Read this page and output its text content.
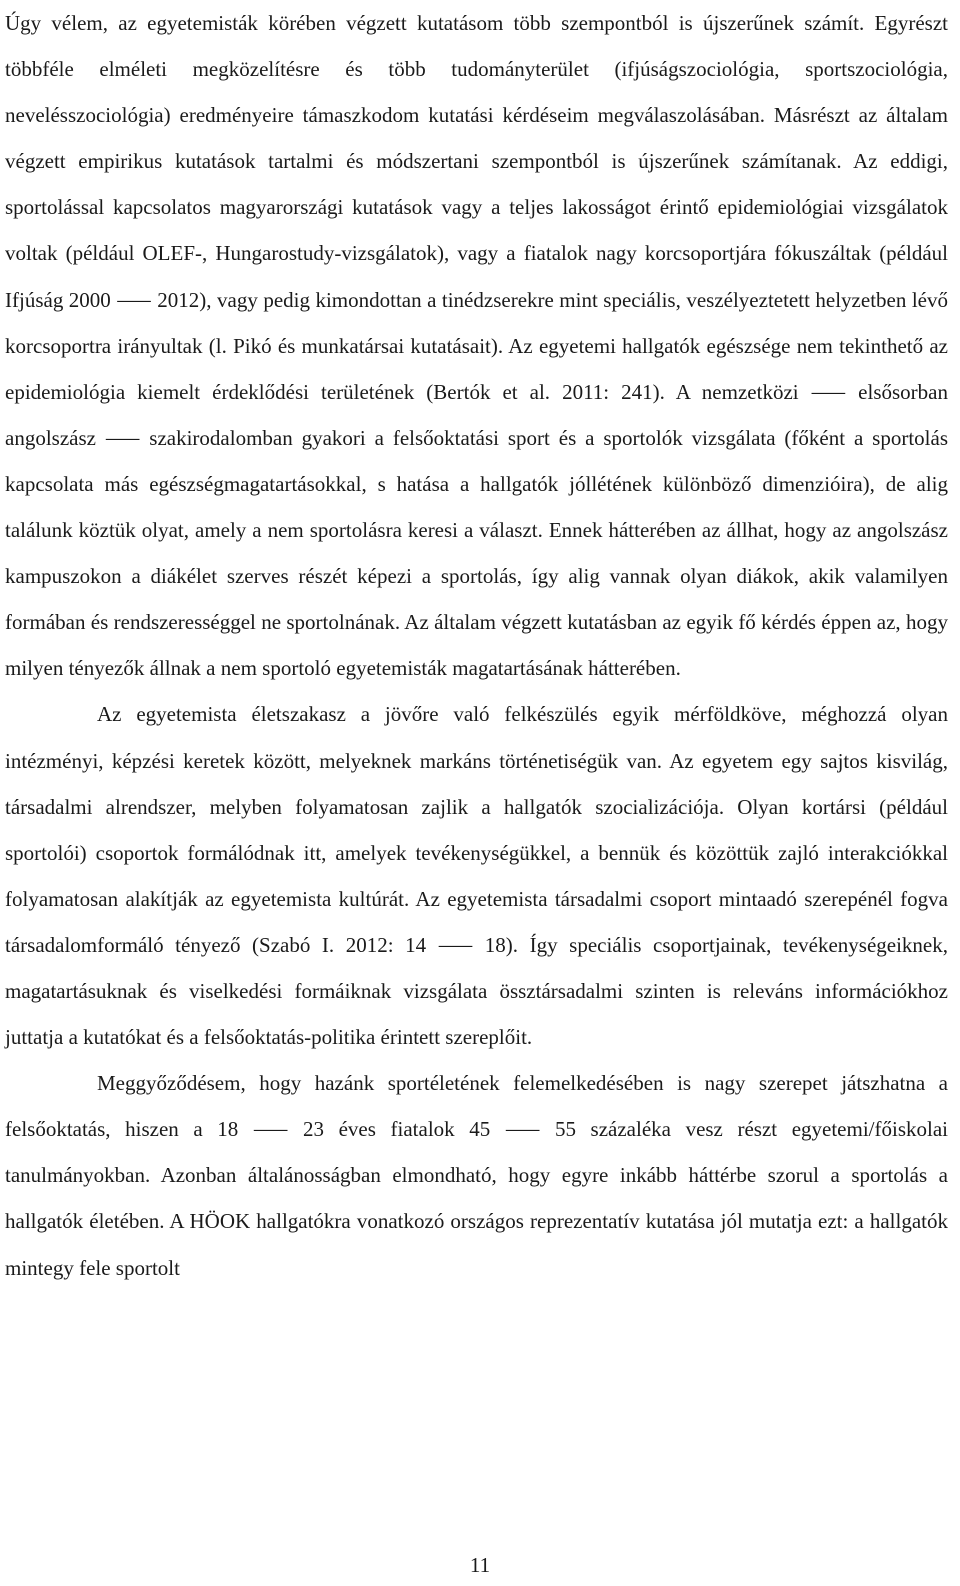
Úgy vélem, az egyetemisták körében végzett kutatásom több szempontból is újszerűnek számít. Egyrészt többféle elméleti megközelítésre és több tudományterület (ifjúságszociológia, sportszociológia, nevelésszociológia) eredményeire támaszkodom kutatási kérdéseim megválaszolásában. Másrészt az általam végzett empirikus kutatások tartalmi és módszertani szempontból is újszerűnek számítanak. Az eddigi, sportolással kapcsolatos magyarországi kutatások vagy a teljes lakosságot érintő epidemiológiai vizsgálatok voltak (például OLEF-, Hungarostudy-vizsgálatok), vagy a fiatalok nagy korcsoportjára fókuszáltak (például Ifjúság 2000 ⸺ 2012), vagy pedig kimondottan a tinédzserekre mint speciális, veszélyeztetett helyzetben lévő korcsoportra irányultak (l. Pikó és munkatársai kutatásait). Az egyetemi hallgatók egészsége nem tekinthető az epidemiológia kiemelt érdeklődési területének (Bertók et al. 2011: 241). A nemzetközi ⸺ elsősorban angolszász ⸺ szakirodalomban gyakori a felsőoktatási sport és a sportolók vizsgálata (főként a sportolás kapcsolata más egészségmagatartásokkal, s hatása a hallgatók jóllétének különböző dimenzióira), de alig találunk köztük olyat, amely a nem sportolásra keresi a választ. Ennek hátterében az állhat, hogy az angolszász kampuszokon a diákélet szerves részét képezi a sportolás, így alig vannak olyan diákok, akik valamilyen formában és rendszerességgel ne sportolnának. Az általam végzett kutatásban az egyik fő kérdés éppen az, hogy milyen tényezők állnak a nem sportoló egyetemisták magatartásának hátterében.

Az egyetemista életszakasz a jövőre való felkészülés egyik mérföldköve, méghozzá olyan intézményi, képzési keretek között, melyeknek markáns történetiségük van. Az egyetem egy sajtos kisvilág, társadalmi alrendszer, melyben folyamatosan zajlik a hallgatók szocializációja. Olyan kortársi (például sportolói) csoportok formálódnak itt, amelyek tevékenységükkel, a bennük és közöttük zajló interakciókkal folyamatosan alakítják az egyetemista kultúrát. Az egyetemista társadalmi csoport mintaadó szerepénél fogva társadalomformáló tényező (Szabó I. 2012: 14 ⸺ 18). Így speciális csoportjainak, tevékenységeiknek, magatartásuknak és viselkedési formáiknak vizsgálata össztársadalmi szinten is releváns információkhoz juttatja a kutatókat és a felsőoktatás-politika érintett szereplőit.

Meggyőződésem, hogy hazánk sportéletének felemelkedésében is nagy szerepet játszhatna a felsőoktatás, hiszen a 18 ⸺ 23 éves fiatalok 45 ⸺ 55 százaléka vesz részt egyetemi/főiskolai tanulmányokban. Azonban általánosságban elmondható, hogy egyre inkább háttérbe szorul a sportolás a hallgatók életében. A HÖOK hallgatókra vonatkozó országos reprezentatív kutatása jól mutatja ezt: a hallgatók mintegy fele sportolt

11
